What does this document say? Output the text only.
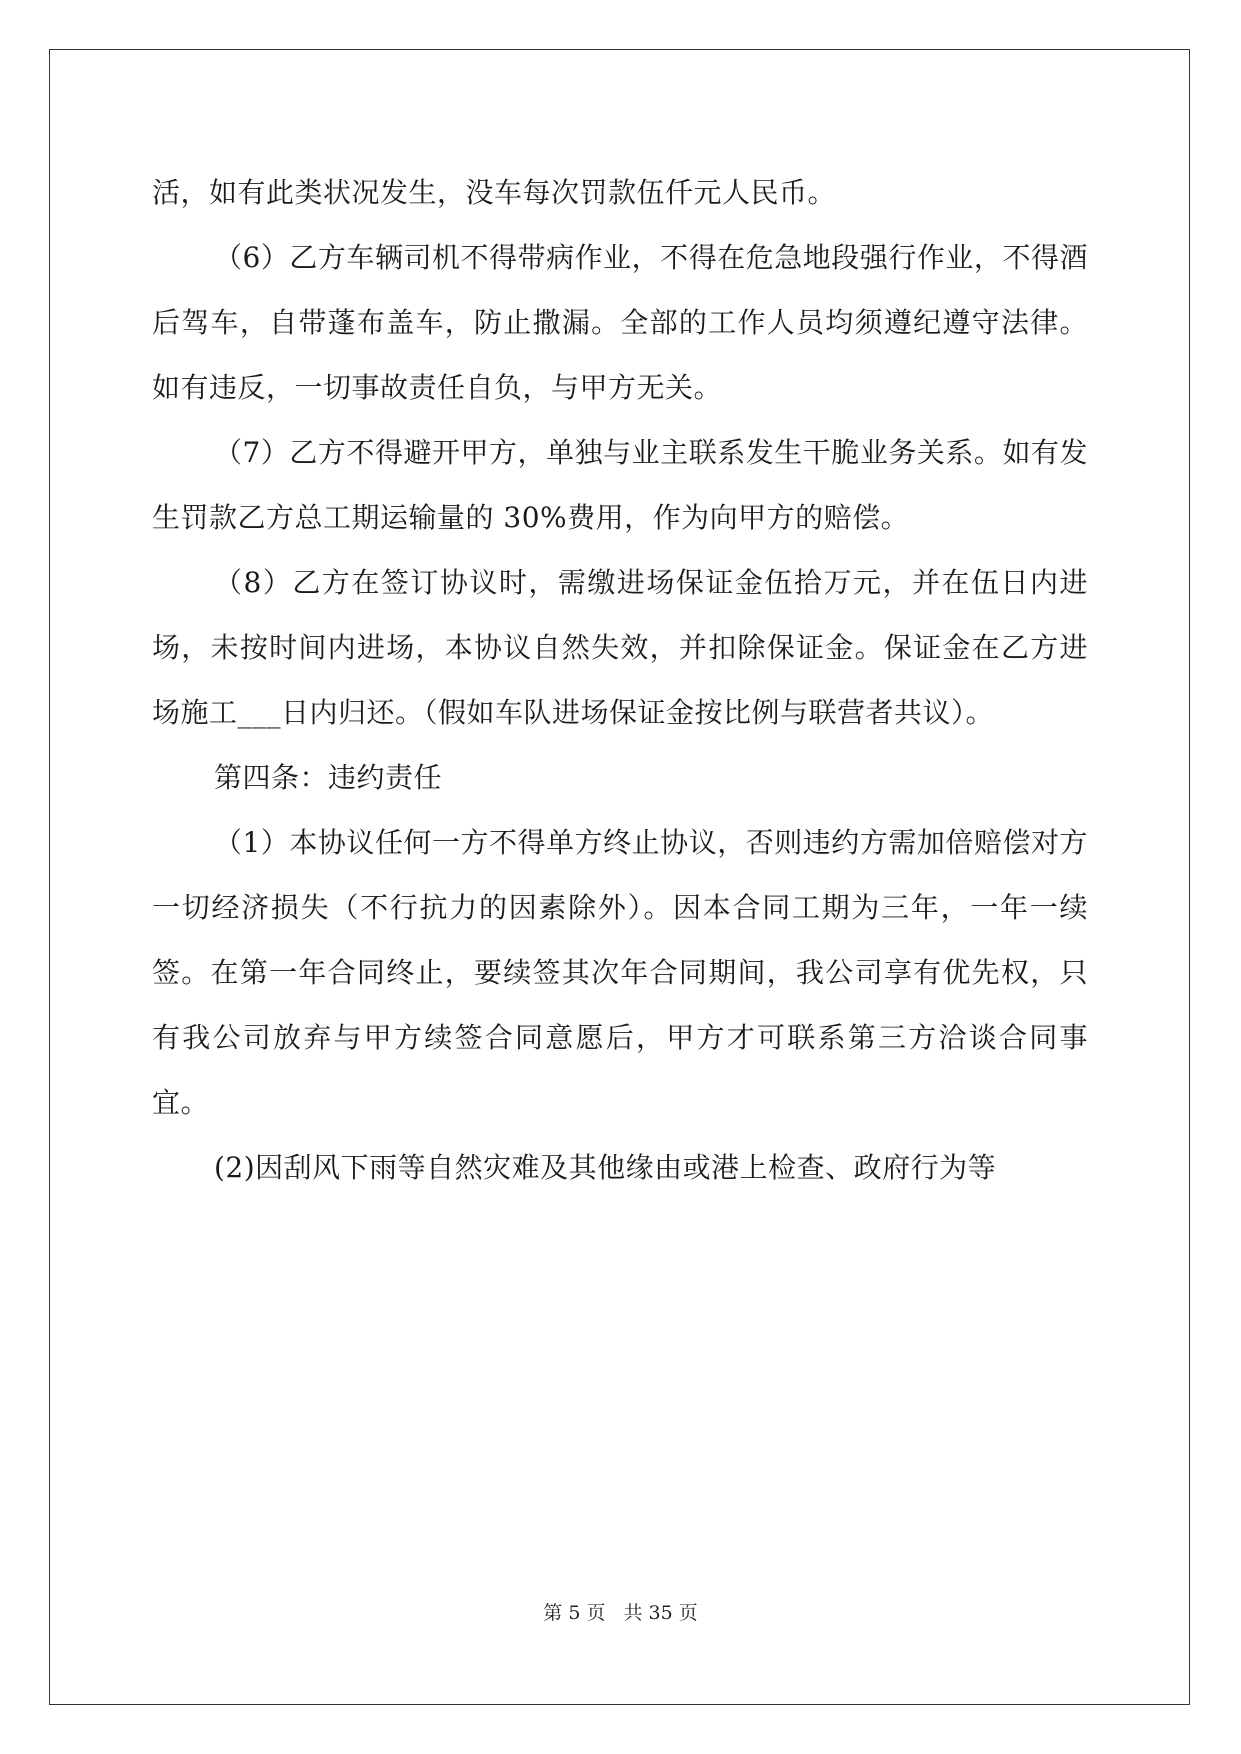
活，如有此类状况发生，没车每次罚款伍仟元人民币。

（6）乙方车辆司机不得带病作业，不得在危急地段强行作业，不得酒后驾车，自带蓬布盖车，防止撒漏。全部的工作人员均须遵纪遵守法律。如有违反，一切事故责任自负，与甲方无关。

（7）乙方不得避开甲方，单独与业主联系发生干脆业务关系。如有发生罚款乙方总工期运输量的 30%费用，作为向甲方的赔偿。

（8）乙方在签订协议时，需缴进场保证金伍拾万元，并在伍日内进场，未按时间内进场，本协议自然失效，并扣除保证金。保证金在乙方进场施工___日内归还。（假如车队进场保证金按比例与联营者共议）。

第四条：违约责任

（1）本协议任何一方不得单方终止协议，否则违约方需加倍赔偿对方一切经济损失（不行抗力的因素除外）。因本合同工期为三年，一年一续签。在第一年合同终止，要续签其次年合同期间，我公司享有优先权，只有我公司放弃与甲方续签合同意愿后，甲方才可联系第三方洽谈合同事宜。

(2)因刮风下雨等自然灾难及其他缘由或港上检查、政府行为等

第 5 页 共 35 页
